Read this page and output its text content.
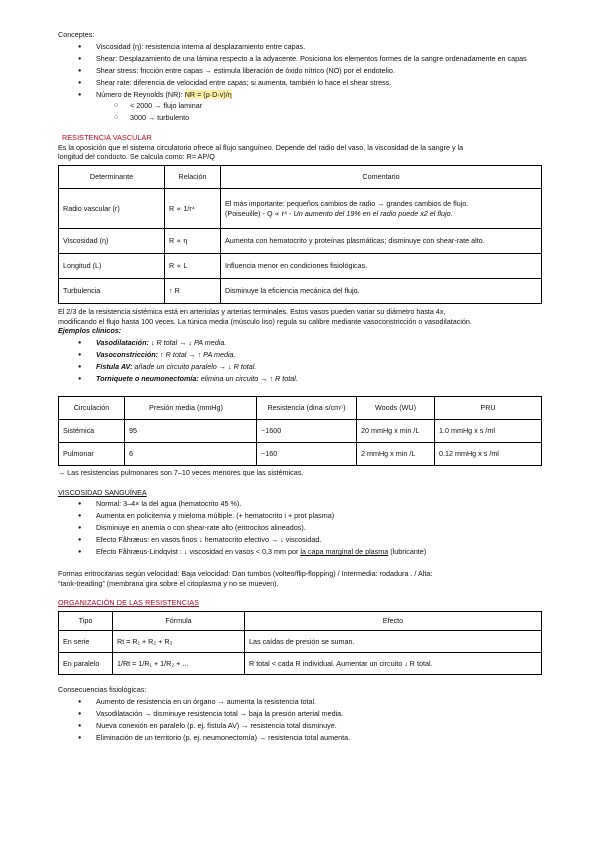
Conceptes:

● Viscosidad (η): resistencia interna al desplazamiento entre capas.
● Shear: Desplazamiento de una lámina respecto a la adyacente. Posiciona los elementos formes de la sangre ordenadamente en capas
● Shear stress: fricción entre capas → estimula liberación de óxido nítrico (NO) por el endotelio.
● Shear rate: diferencia de velocidad entre capas; si aumenta, también lo hace el shear stress.
● Número de Reynolds (NR): NR = (ρ·D·v)/η
○ < 2000 → flujo laminar
○ 3000 → turbulento

RESISTENCIA VASCULAR

Es la oposición que el sistema circulatorio ofrece al flujo sanguíneo. Depende del radio del vaso, la viscosidad de la sangre y la

longitud del conducto. Se calcula como: R= AP/Q

Determinante	Relación	Comentario
Radio vascular (r)	R ∝ 1/r⁴	El más importante: pequeños cambios de radio → grandes cambios de flujo.
(Poiseuille) - Q ∝ r⁴ - Un aumento del 19% en el radio puede x2 el flujo.

Viscosidad (η)	R ∝ η	Aumenta con hematocrito y proteínas plasmáticas; disminuye con shear-rate alto.
Longitud (L)	R ∝ L	Influencia menor en condiciones fisiológicas.
Turbulencia	↑ R	Disminuye la eficiencia mecánica del flujo.

El 2/3 de la resistencia sistémica está en arteriolas y arterias terminales. Estos vasos pueden variar su diámetro hasta 4x,

modificando el flujo hasta 100 veces. La túnica media (músculo liso) regula su calibre mediante vasoconstricción o vasodilatación.

Ejemplos clínicos:

● Vasodilatación: ↓ R total → ↓ PA media.
● Vasoconstricción: ↑ R total → ↑ PA media.
● Fístula AV: añade un circuito paralelo → ↓ R total.
● Torniquete o neumonectomía: elimina un circuito → ↑ R total.
Circulación	Presión media (mmHg)	Resistencia (dina·s/cm⁵)	Woods (WU)	PRU
Sistémica	95	~1600	20 mmHg x min /L	1.0 mmHg x s /ml
Pulmonar	6	~160	2 mmHg x min /L	0.12 mmHg x s /ml

→ Las resistencias pulmonares son 7–10 veces menores que las sistémicas.

VISCOSIDAD SANGUÍNEA

● Normal: 3–4× la del agua (hematocrito 45 %).
● Aumenta en policitemia y mieloma múltiple. (+ hematocrito i + prot plasma)
● Disminuye en anemia o con shear-rate alto (eritrocitos alineados).
● Efecto Fåhræus: en vasos finos ↓ hematocrito efectivo → ↓ viscosidad.
● Efecto Fåhræus-Lindqvist : ↓ viscosidad en vasos < 0,3 mm por la capa marginal de plasma (lubricante)

Formas eritrocitarias según velocidad: Baja velocidad: Dan tumbos (volteo/flip-flopping) / Intermedia: rodadura . / Alta:

“tank-treading” (membrana gira sobre el citoplasma y no se mueven).

ORGANIZACIÓN DE LAS RESISTENCIAS

Tipo	Fórmula	Efecto
En serie	Rt = R₁ + R₂ + R₃	Las caídas de presión se suman.
En paralelo	1/Rt = 1/R₁ + 1/R₂ + ...	R total < cada R individual. Aumentar un circuito ↓ R total.

Consecuencias fisiológicas:

● Aumento de resistencia en un órgano → aumenta la resistencia total.
● Vasodilatación → disminuye resistencia total → baja la presión arterial media.
● Nueva conexión en paralelo (p. ej. fístula AV) → resistencia total disminuye.
● Eliminación de un territorio (p. ej. neumonectomía) → resistencia total aumenta.
